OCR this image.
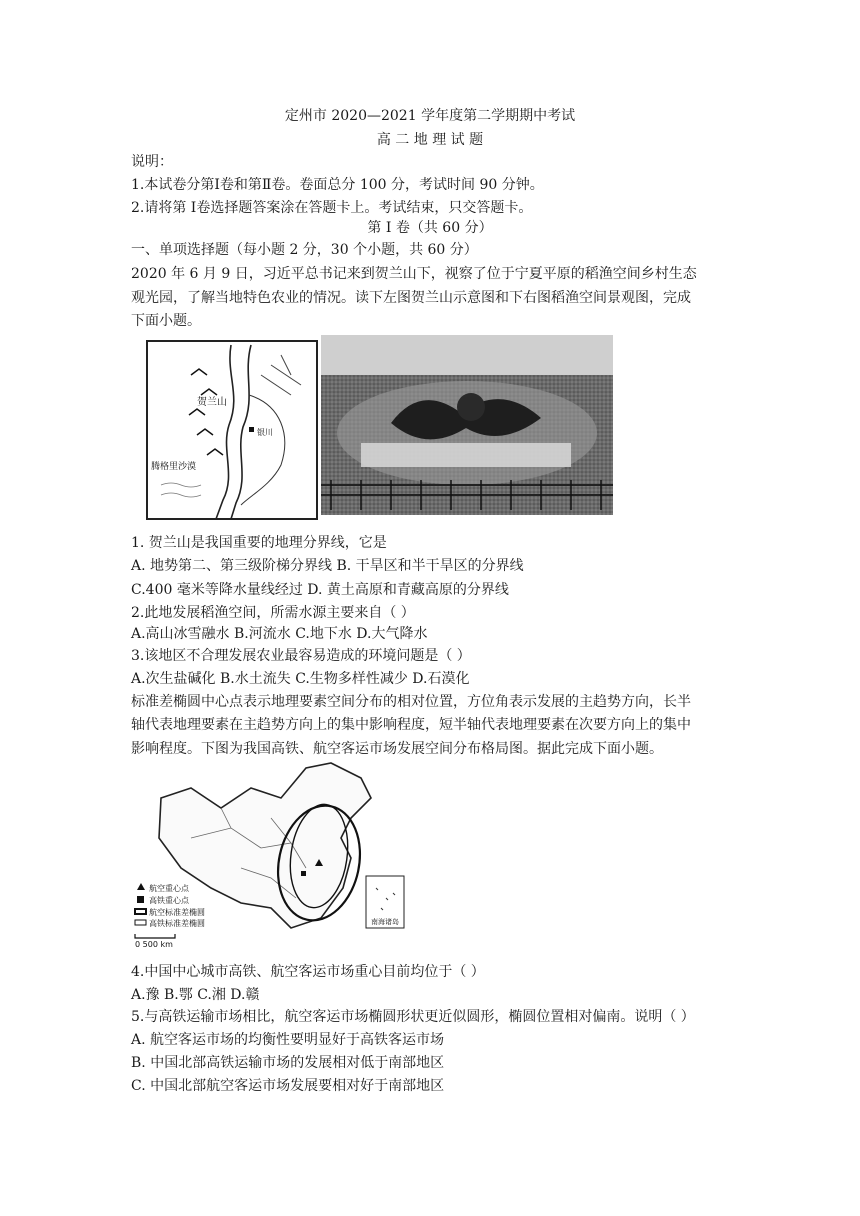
定州市 2020—2021 学年度第二学期期中考试
高 二 地 理 试 题
说明：
1.本试卷分第Ⅰ卷和第Ⅱ卷。卷面总分 100 分，考试时间 90 分钟。
2.请将第 Ⅰ卷选择题答案涂在答题卡上。考试结束，只交答题卡。
第 I 卷（共 60 分）
一、单项选择题（每小题 2 分，30 个小题，共 60 分）
2020 年 6 月 9 日，习近平总书记来到贺兰山下，视察了位于宁夏平原的稻渔空间乡村生态
观光园，了解当地特色农业的情况。读下左图贺兰山示意图和下右图稻渔空间景观图，完成
下面小题。
贺兰山
腾格里沙漠
银川
1. 贺兰山是我国重要的地理分界线，它是
A. 地势第二、第三级阶梯分界线 B. 干旱区和半干旱区的分界线
C.400 毫米等降水量线经过 D. 黄土高原和青藏高原的分界线
2.此地发展稻渔空间，所需水源主要来自（ ）
A.高山冰雪融水 B.河流水 C.地下水 D.大气降水
3.该地区不合理发展农业最容易造成的环境问题是（ ）
A.次生盐碱化 B.水土流失 C.生物多样性减少 D.石漠化
标准差椭圆中心点表示地理要素空间分布的相对位置，方位角表示发展的主趋势方向，长半
轴代表地理要素在主趋势方向上的集中影响程度，短半轴代表地理要素在次要方向上的集中
影响程度。下图为我国高铁、航空客运市场发展空间分布格局图。据此完成下面小题。
南海诸岛
航空重心点
高铁重心点
航空标准差椭圆
高铁标准差椭圆
0 500 km
4.中国中心城市高铁、航空客运市场重心目前均位于（ ）
A.豫 B.鄂 C.湘 D.赣
5.与高铁运输市场相比，航空客运市场椭圆形状更近似圆形，椭圆位置相对偏南。说明（ ）
A. 航空客运市场的均衡性要明显好于高铁客运市场
B. 中国北部高铁运输市场的发展相对低于南部地区
C. 中国北部航空客运市场发展要相对好于南部地区
